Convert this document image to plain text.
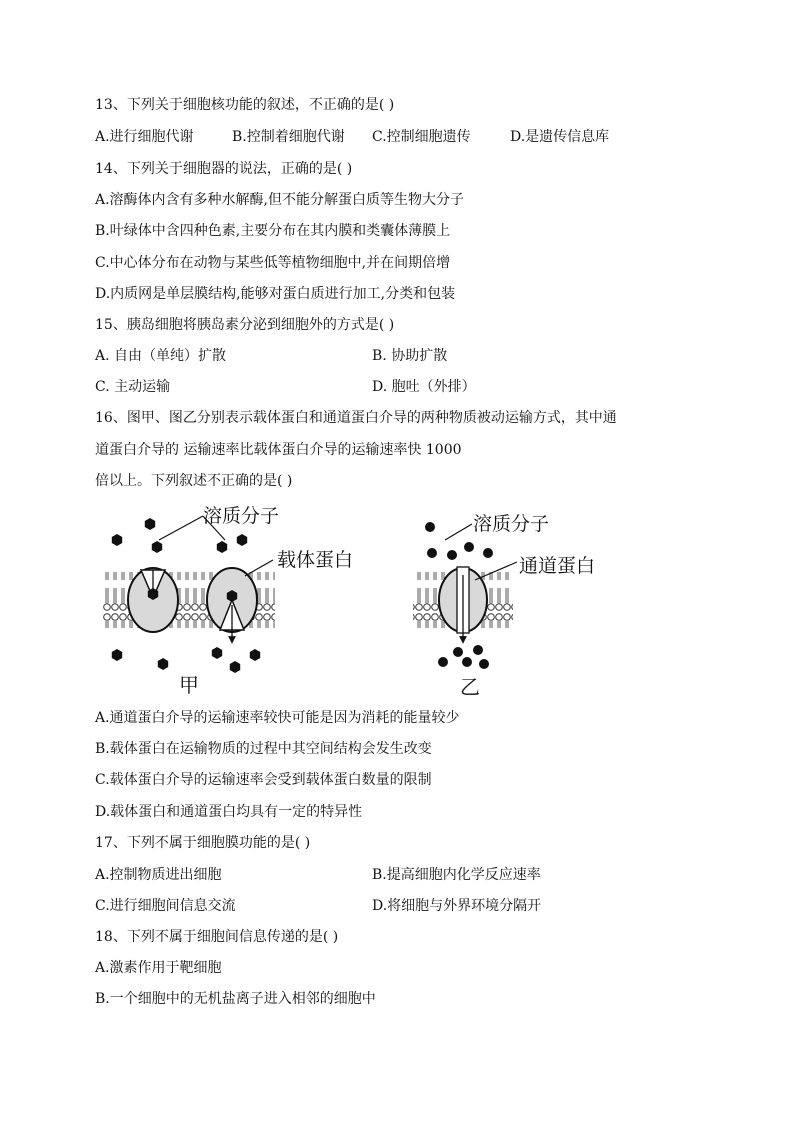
13、下列关于细胞核功能的叙述，不正确的是( )
A.进行细胞代谢	B.控制着细胞代谢 C.控制细胞遗传	D.是遗传信息库
14、下列关于细胞器的说法，正确的是( )
A.溶酶体内含有多种水解酶,但不能分解蛋白质等生物大分子
B.叶绿体中含四种色素,主要分布在其内膜和类囊体薄膜上
C.中心体分布在动物与某些低等植物细胞中,并在间期倍增
D.内质网是单层膜结构,能够对蛋白质进行加工,分类和包装
15、胰岛细胞将胰岛素分泌到细胞外的方式是( )
A. 自由（单纯）扩散	B. 协助扩散
C. 主动运输	D. 胞吐（外排）
16、图甲、图乙分别表示载体蛋白和通道蛋白介导的两种物质被动运输方式，其中通
道蛋白介导的 运输速率比载体蛋白介导的运输速率快 1000
倍以上。下列叙述不正确的是( )
溶质分子
载体蛋白
甲
溶质分子
通道蛋白
乙
A.通道蛋白介导的运输速率较快可能是因为消耗的能量较少
B.载体蛋白在运输物质的过程中其空间结构会发生改变
C.载体蛋白介导的运输速率会受到载体蛋白数量的限制
D.载体蛋白和通道蛋白均具有一定的特异性
17、下列不属于细胞膜功能的是( )
A.控制物质进出细胞	B.提高细胞内化学反应速率
C.进行细胞间信息交流	D.将细胞与外界环境分隔开
18、下列不属于细胞间信息传递的是( )
A.激素作用于靶细胞
B.一个细胞中的无机盐离子进入相邻的细胞中
